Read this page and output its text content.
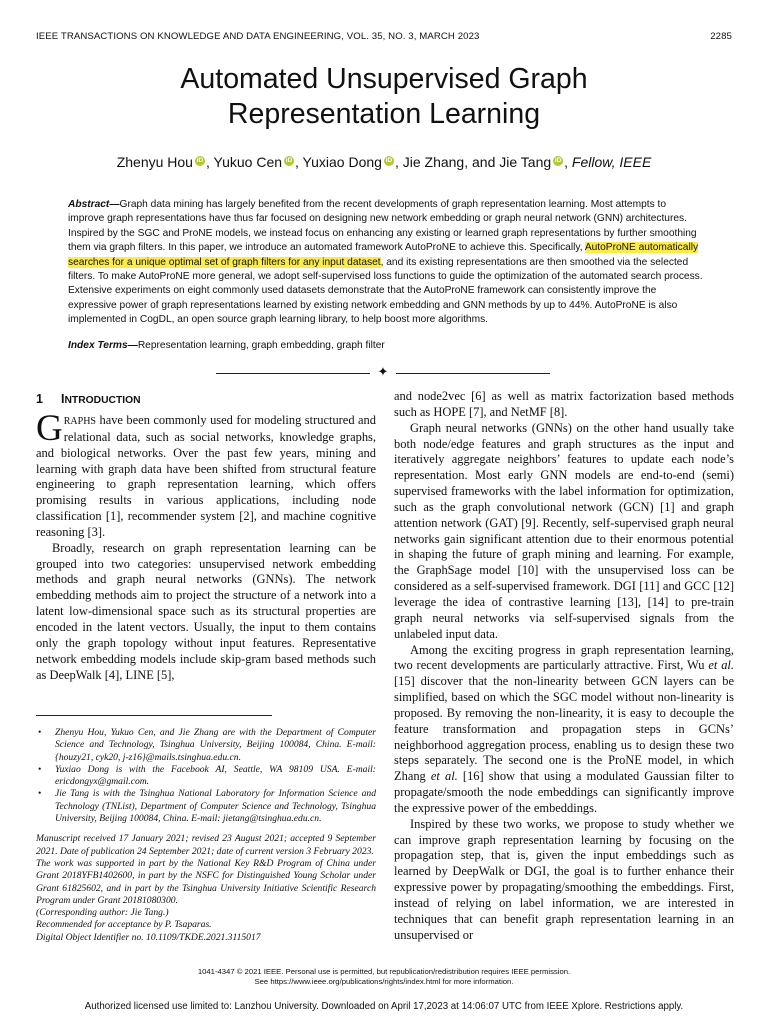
IEEE TRANSACTIONS ON KNOWLEDGE AND DATA ENGINEERING, VOL. 35, NO. 3, MARCH 2023	2285
Automated Unsupervised Graph
Representation Learning
Zhenyu Hou iD , Yukuo Cen iD , Yuxiao Dong iD , Jie Zhang, and Jie Tang iD , Fellow, IEEE
Abstract—Graph data mining has largely benefited from the recent developments of graph representation learning. Most attempts to improve graph representations have thus far focused on designing new network embedding or graph neural network (GNN) architectures. Inspired by the SGC and ProNE models, we instead focus on enhancing any existing or learned graph representations by further smoothing them via graph filters. In this paper, we introduce an automated framework AutoProNE to achieve this. Specifically, AutoProNE automatically searches for a unique optimal set of graph filters for any input dataset, and its existing representations are then smoothed via the selected filters. To make AutoProNE more general, we adopt self-supervised loss functions to guide the optimization of the automated search process. Extensive experiments on eight commonly used datasets demonstrate that the AutoProNE framework can consistently improve the expressive power of graph representations learned by existing network embedding and GNN methods by up to 44%. AutoProNE is also implemented in CogDL, an open source graph learning library, to help boost more algorithms.
Index Terms—Representation learning, graph embedding, graph filter
✦
1 INTRODUCTION

GRAPHS have been commonly used for modeling structured and relational data, such as social networks, knowledge graphs, and biological networks. Over the past few years, mining and learning with graph data have been shifted from structural feature engineering to graph representation learning, which offers promising results in various applications, including node classification [1], recommender system [2], and machine cognitive reasoning [3].

Broadly, research on graph representation learning can be grouped into two categories: unsupervised network embedding methods and graph neural networks (GNNs). The network embedding methods aim to project the structure of a network into a latent low-dimensional space such as its structural properties are encoded in the latent vectors. Usually, the input to them contains only the graph topology without input features. Representative network embedding models include skip-gram based methods such as DeepWalk [4], LINE [5],

• Zhenyu Hou, Yukuo Cen, and Jie Zhang are with the Department of Computer Science and Technology, Tsinghua University, Beijing 100084, China. E-mail: {houzy21, cyk20, j-z16}@mails.tsinghua.edu.cn.
• Yuxiao Dong is with the Facebook AI, Seattle, WA 98109 USA. E-mail: ericdongyx@gmail.com.
• Jie Tang is with the Tsinghua National Laboratory for Information Science and Technology (TNList), Department of Computer Science and Technology, Tsinghua University, Beijing 100084, China. E-mail: jietang@tsinghua.edu.cn.
Manuscript received 17 January 2021; revised 23 August 2021; accepted 9 September 2021. Date of publication 24 September 2021; date of current version 3 February 2023.
The work was supported in part by the National Key R&D Program of China under Grant 2018YFB1402600, in part by the NSFC for Distinguished Young Scholar under Grant 61825602, and in part by the Tsinghua University Initiative Scientific Research Program under Grant 20181080300.
(Corresponding author: Jie Tang.)
Recommended for acceptance by P. Tsaparas.
Digital Object Identifier no. 10.1109/TKDE.2021.3115017

and node2vec [6] as well as matrix factorization based methods such as HOPE [7], and NetMF [8].

Graph neural networks (GNNs) on the other hand usually take both node/edge features and graph structures as the input and iteratively aggregate neighbors’ features to update each node’s representation. Most early GNN models are end-to-end (semi) supervised frameworks with the label information for optimization, such as the graph convolutional network (GCN) [1] and graph attention network (GAT) [9]. Recently, self-supervised graph neural networks gain significant attention due to their enormous potential in shaping the future of graph mining and learning. For example, the GraphSage model [10] with the unsupervised loss can be considered as a self-supervised framework. DGI [11] and GCC [12] leverage the idea of contrastive learning [13], [14] to pre-train graph neural networks via self-supervised signals from the unlabeled input data.

Among the exciting progress in graph representation learning, two recent developments are particularly attractive. First, Wu et al. [15] discover that the non-linearity between GCN layers can be simplified, based on which the SGC model without non-linearity is proposed. By removing the non-linearity, it is easy to decouple the feature transformation and propagation steps in GCNs’ neighborhood aggregation process, enabling us to design these two steps separately. The second one is the ProNE model, in which Zhang et al. [16] show that using a modulated Gaussian filter to propagate/smooth the node embeddings can significantly improve the expressive power of the embeddings.

Inspired by these two works, we propose to study whether we can improve graph representation learning by focusing on the propagation step, that is, given the input embeddings such as learned by DeepWalk or DGI, the goal is to further enhance their expressive power by propagating/smoothing the embeddings. First, instead of relying on label information, we are interested in techniques that can benefit graph representation learning in an unsupervised or

1041-4347 © 2021 IEEE. Personal use is permitted, but republication/redistribution requires IEEE permission.
See https://www.ieee.org/publications/rights/index.html for more information.
Authorized licensed use limited to: Lanzhou University. Downloaded on April 17,2023 at 14:06:07 UTC from IEEE Xplore. Restrictions apply.
